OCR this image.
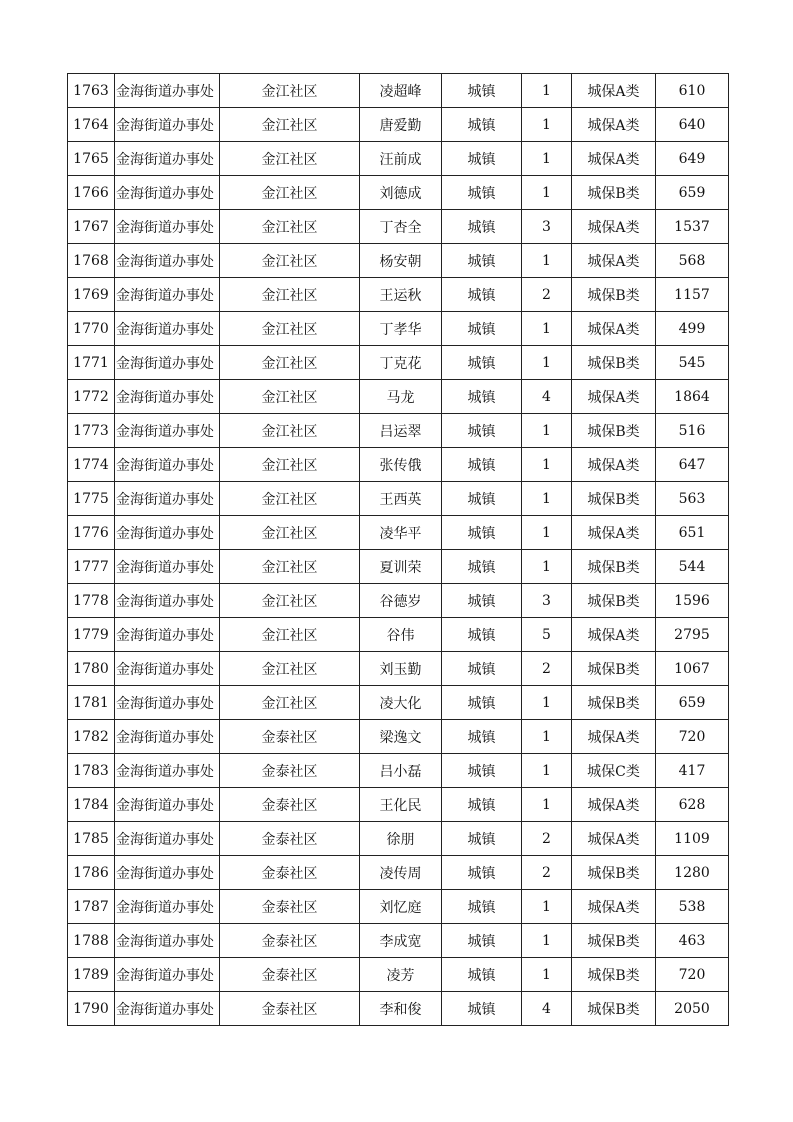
1763	金海街道办事处	金江社区	凌超峰	城镇	1	城保A类	610
1764	金海街道办事处	金江社区	唐爱勤	城镇	1	城保A类	640
1765	金海街道办事处	金江社区	汪前成	城镇	1	城保A类	649
1766	金海街道办事处	金江社区	刘德成	城镇	1	城保B类	659
1767	金海街道办事处	金江社区	丁杏全	城镇	3	城保A类	1537
1768	金海街道办事处	金江社区	杨安朝	城镇	1	城保A类	568
1769	金海街道办事处	金江社区	王运秋	城镇	2	城保B类	1157
1770	金海街道办事处	金江社区	丁孝华	城镇	1	城保A类	499
1771	金海街道办事处	金江社区	丁克花	城镇	1	城保B类	545
1772	金海街道办事处	金江社区	马龙	城镇	4	城保A类	1864
1773	金海街道办事处	金江社区	吕运翠	城镇	1	城保B类	516
1774	金海街道办事处	金江社区	张传俄	城镇	1	城保A类	647
1775	金海街道办事处	金江社区	王西英	城镇	1	城保B类	563
1776	金海街道办事处	金江社区	凌华平	城镇	1	城保A类	651
1777	金海街道办事处	金江社区	夏训荣	城镇	1	城保B类	544
1778	金海街道办事处	金江社区	谷德岁	城镇	3	城保B类	1596
1779	金海街道办事处	金江社区	谷伟	城镇	5	城保A类	2795
1780	金海街道办事处	金江社区	刘玉勤	城镇	2	城保B类	1067
1781	金海街道办事处	金江社区	凌大化	城镇	1	城保B类	659
1782	金海街道办事处	金泰社区	梁逸文	城镇	1	城保A类	720
1783	金海街道办事处	金泰社区	吕小磊	城镇	1	城保C类	417
1784	金海街道办事处	金泰社区	王化民	城镇	1	城保A类	628
1785	金海街道办事处	金泰社区	徐朋	城镇	2	城保A类	1109
1786	金海街道办事处	金泰社区	凌传周	城镇	2	城保B类	1280
1787	金海街道办事处	金泰社区	刘忆庭	城镇	1	城保A类	538
1788	金海街道办事处	金泰社区	李成宽	城镇	1	城保B类	463
1789	金海街道办事处	金泰社区	凌芳	城镇	1	城保B类	720
1790	金海街道办事处	金泰社区	李和俊	城镇	4	城保B类	2050
